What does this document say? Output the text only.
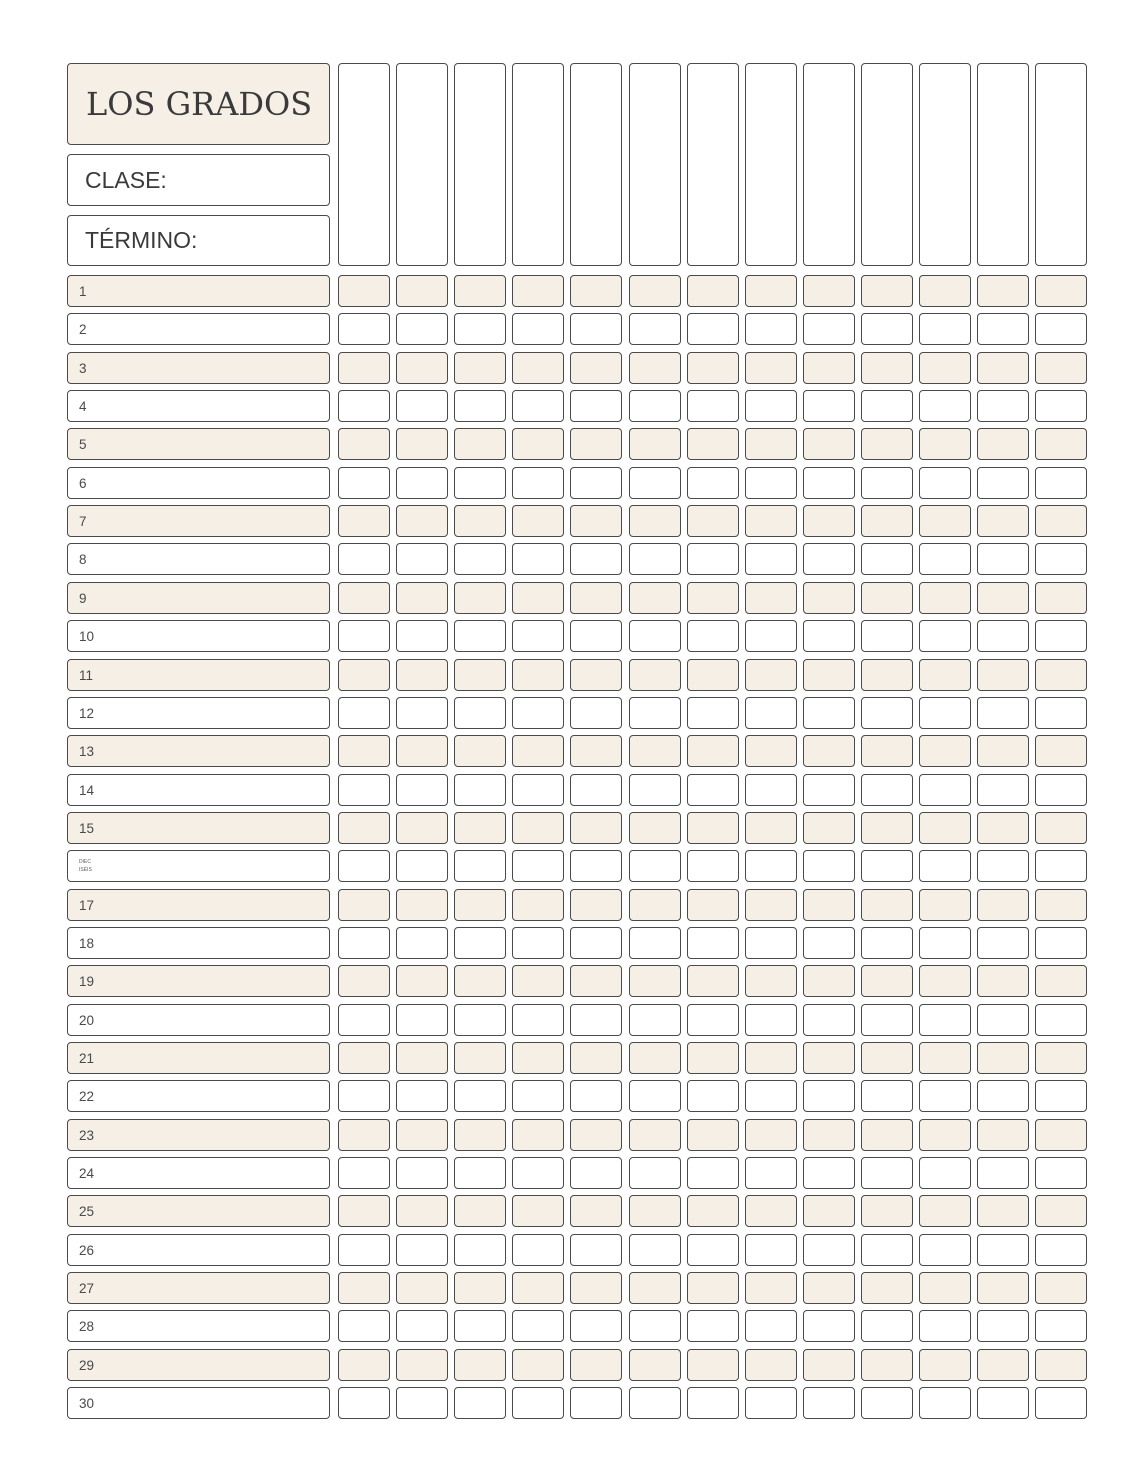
LOS GRADOS
CLASE:
TÉRMINO:
1
2
3
4
5
6
7
8
9
10
11
12
13
14
15
DIEC
ISÉIS
17
18
19
20
21
22
23
24
25
26
27
28
29
30
